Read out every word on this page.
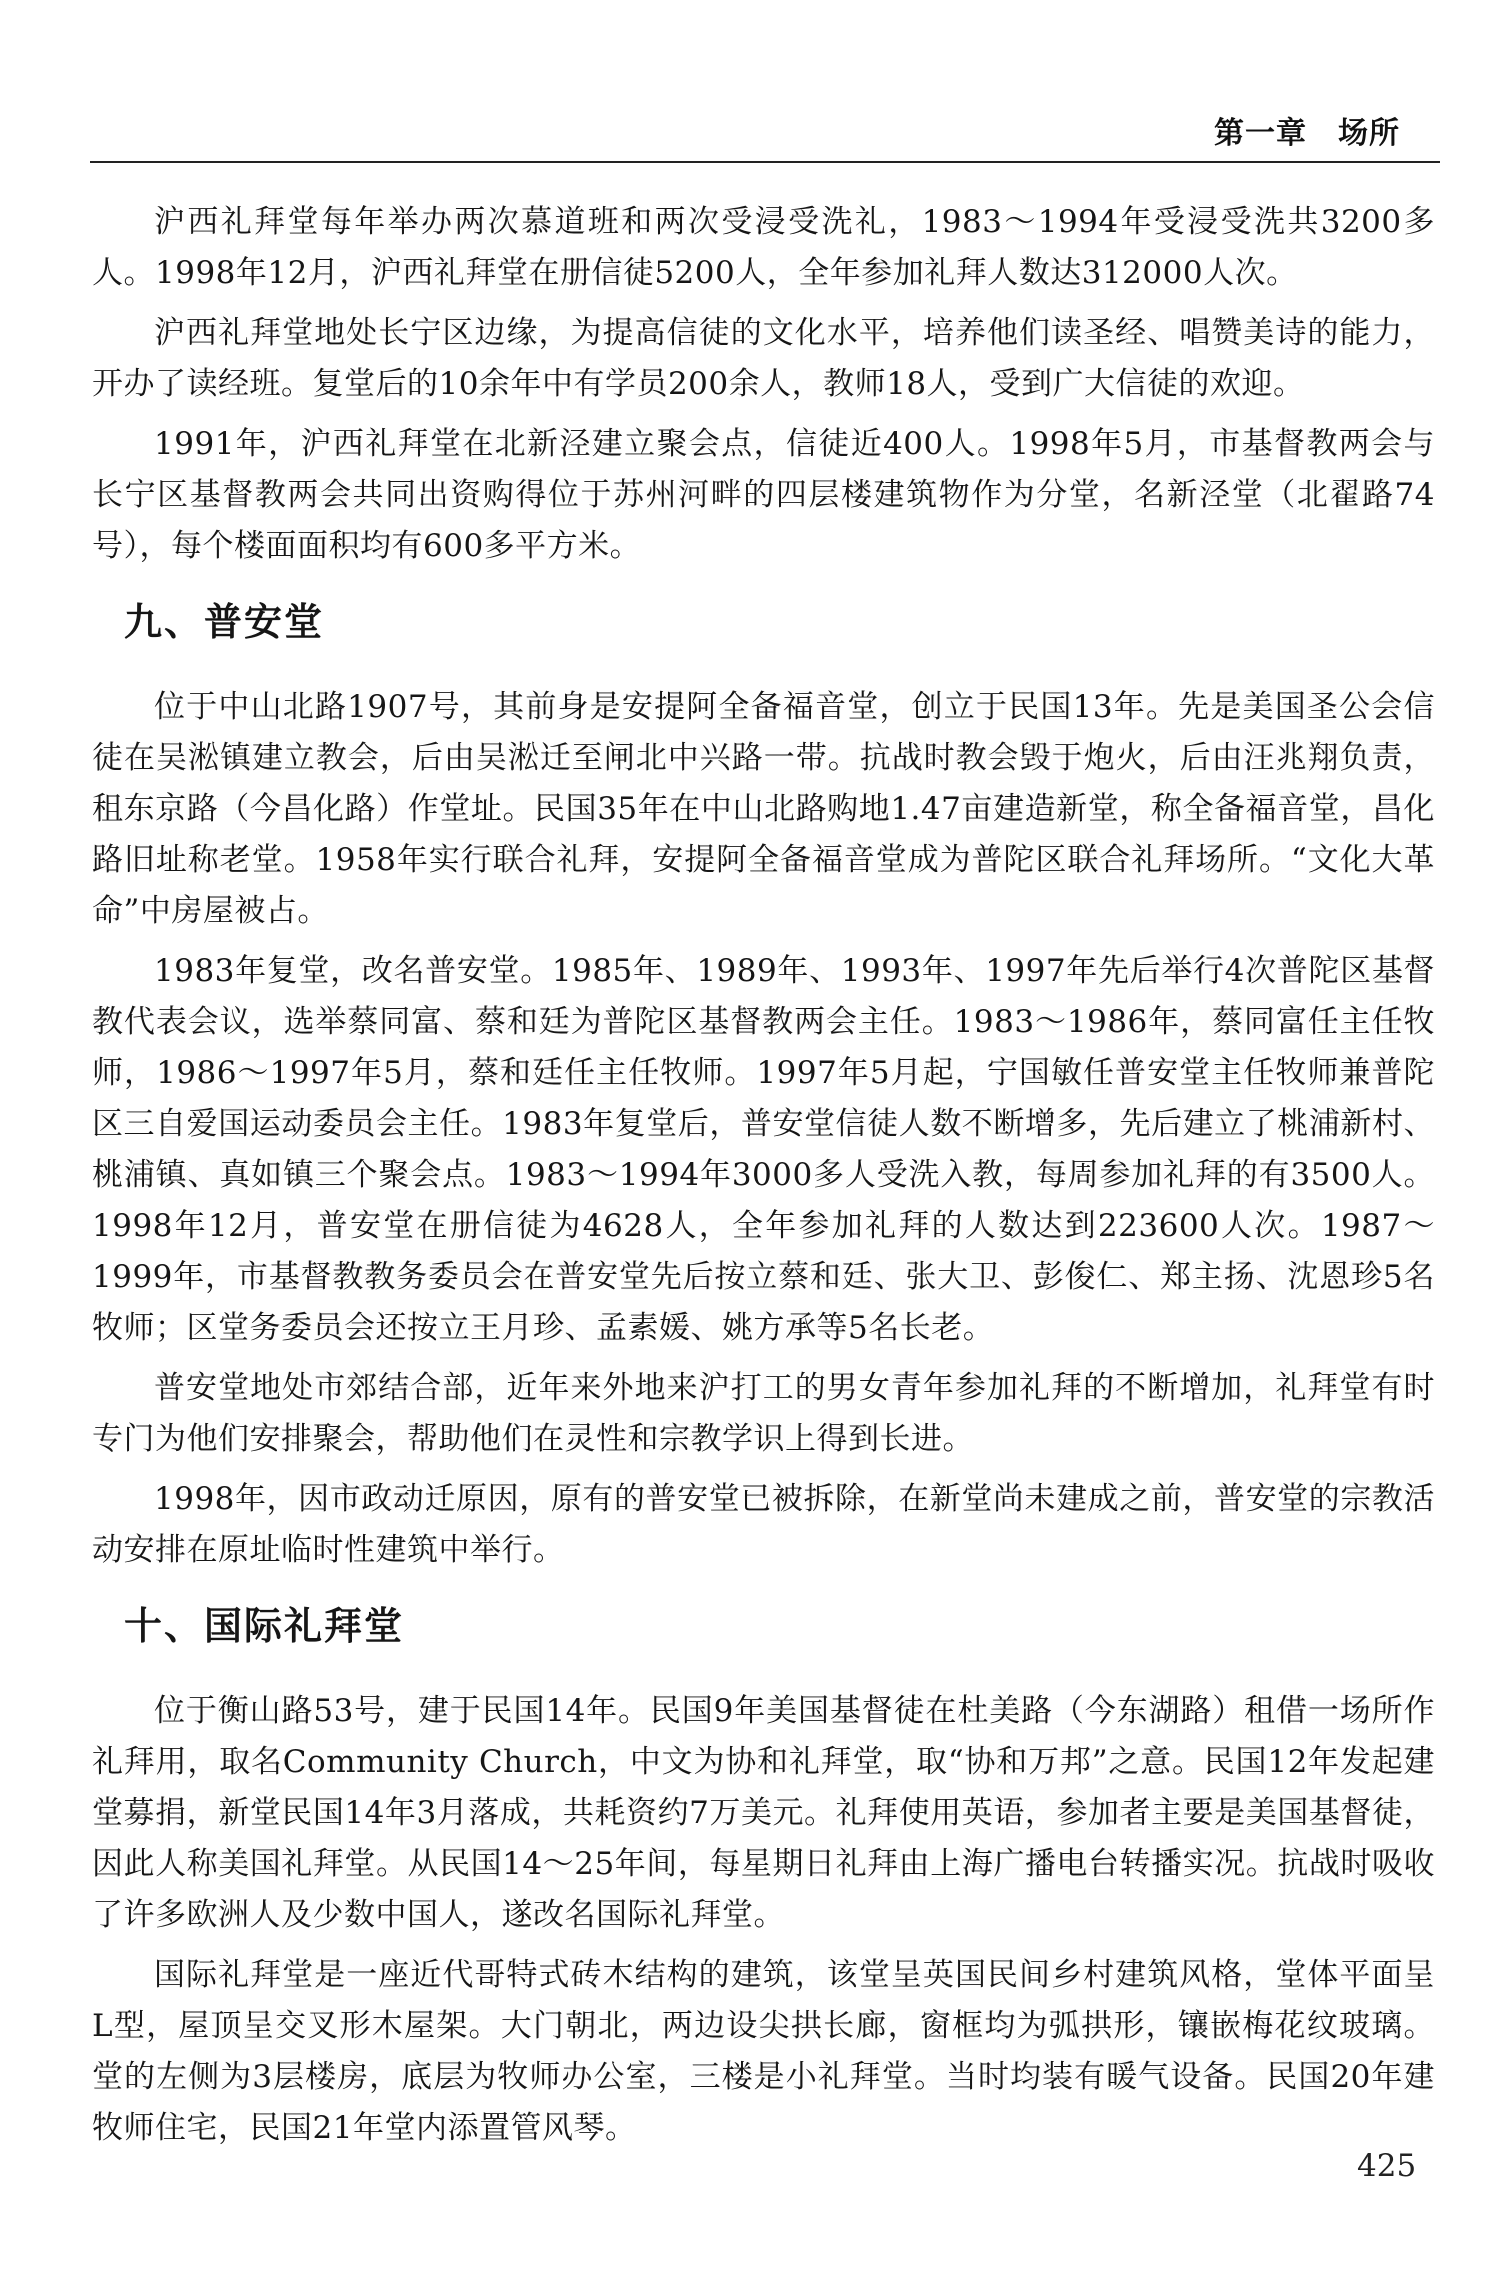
第一章　场所

沪西礼拜堂每年举办两次慕道班和两次受浸受洗礼，1983～1994年受浸受洗共3200多人。1998年12月，沪西礼拜堂在册信徒5200人，全年参加礼拜人数达312000人次。

沪西礼拜堂地处长宁区边缘，为提高信徒的文化水平，培养他们读圣经、唱赞美诗的能力，开办了读经班。复堂后的10余年中有学员200余人，教师18人，受到广大信徒的欢迎。

1991年，沪西礼拜堂在北新泾建立聚会点，信徒近400人。1998年5月，市基督教两会与长宁区基督教两会共同出资购得位于苏州河畔的四层楼建筑物作为分堂，名新泾堂（北翟路74号），每个楼面面积均有600多平方米。

九、普安堂

位于中山北路1907号，其前身是安提阿全备福音堂，创立于民国13年。先是美国圣公会信徒在吴淞镇建立教会，后由吴淞迁至闸北中兴路一带。抗战时教会毁于炮火，后由汪兆翔负责，租东京路（今昌化路）作堂址。民国35年在中山北路购地1.47亩建造新堂，称全备福音堂，昌化路旧址称老堂。1958年实行联合礼拜，安提阿全备福音堂成为普陀区联合礼拜场所。“文化大革命”中房屋被占。

1983年复堂，改名普安堂。1985年、1989年、1993年、1997年先后举行4次普陀区基督教代表会议，选举蔡同富、蔡和廷为普陀区基督教两会主任。1983～1986年，蔡同富任主任牧师，1986～1997年5月，蔡和廷任主任牧师。1997年5月起，宁国敏任普安堂主任牧师兼普陀区三自爱国运动委员会主任。1983年复堂后，普安堂信徒人数不断增多，先后建立了桃浦新村、桃浦镇、真如镇三个聚会点。1983～1994年3000多人受洗入教，每周参加礼拜的有3500人。1998年12月，普安堂在册信徒为4628人，全年参加礼拜的人数达到223600人次。1987～1999年，市基督教教务委员会在普安堂先后按立蔡和廷、张大卫、彭俊仁、郑主扬、沈恩珍5名牧师；区堂务委员会还按立王月珍、孟素媛、姚方承等5名长老。

普安堂地处市郊结合部，近年来外地来沪打工的男女青年参加礼拜的不断增加，礼拜堂有时专门为他们安排聚会，帮助他们在灵性和宗教学识上得到长进。

1998年，因市政动迁原因，原有的普安堂已被拆除，在新堂尚未建成之前，普安堂的宗教活动安排在原址临时性建筑中举行。

十、国际礼拜堂

位于衡山路53号，建于民国14年。民国9年美国基督徒在杜美路（今东湖路）租借一场所作礼拜用，取名Community Church，中文为协和礼拜堂，取“协和万邦”之意。民国12年发起建堂募捐，新堂民国14年3月落成，共耗资约7万美元。礼拜使用英语，参加者主要是美国基督徒，因此人称美国礼拜堂。从民国14～25年间，每星期日礼拜由上海广播电台转播实况。抗战时吸收了许多欧洲人及少数中国人，遂改名国际礼拜堂。

国际礼拜堂是一座近代哥特式砖木结构的建筑，该堂呈英国民间乡村建筑风格，堂体平面呈L型，屋顶呈交叉形木屋架。大门朝北，两边设尖拱长廊，窗框均为弧拱形，镶嵌梅花纹玻璃。堂的左侧为3层楼房，底层为牧师办公室，三楼是小礼拜堂。当时均装有暖气设备。民国20年建牧师住宅，民国21年堂内添置管风琴。

425
